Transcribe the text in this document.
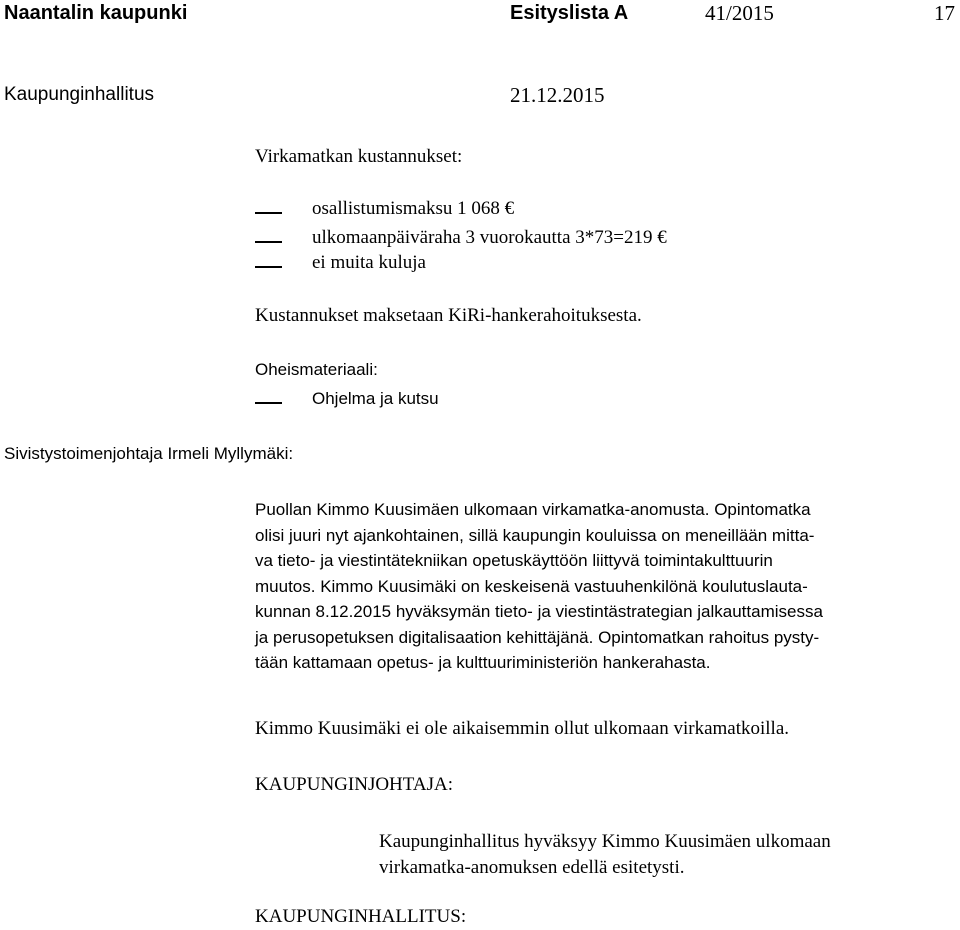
Naantalin kaupunki	Esityslista A	41/2015	17
Kaupunginhallitus	21.12.2015
Virkamatkan kustannukset:
osallistumismaksu 1 068 €
ulkomaanpäiväraha 3 vuorokautta 3*73=219 €
ei muita kuluja
Kustannukset maksetaan KiRi-hankerahoituksesta.
Oheismateriaali:
Ohjelma ja kutsu
Sivistystoimenjohtaja Irmeli Myllymäki:
Puollan Kimmo Kuusimäen ulkomaan virkamatka-anomusta. Opintomatka
olisi juuri nyt ajankohtainen, sillä kaupungin kouluissa on meneillään mitta-
va tieto- ja viestintätekniikan opetuskäyttöön liittyvä toimintakulttuurin
muutos. Kimmo Kuusimäki on keskeisenä vastuuhenkilönä koulutuslauta-
kunnan 8.12.2015 hyväksymän tieto- ja viestintästrategian jalkauttamisessa
ja perusopetuksen digitalisaation kehittäjänä. Opintomatkan rahoitus pysty-
tään kattamaan opetus- ja kulttuuriministeriön hankerahasta.
Kimmo Kuusimäki ei ole aikaisemmin ollut ulkomaan virkamatkoilla.
KAUPUNGINJOHTAJA:
Kaupunginhallitus hyväksyy Kimmo Kuusimäen ulkomaan
virkamatka-anomuksen edellä esitetysti.
KAUPUNGINHALLITUS:
